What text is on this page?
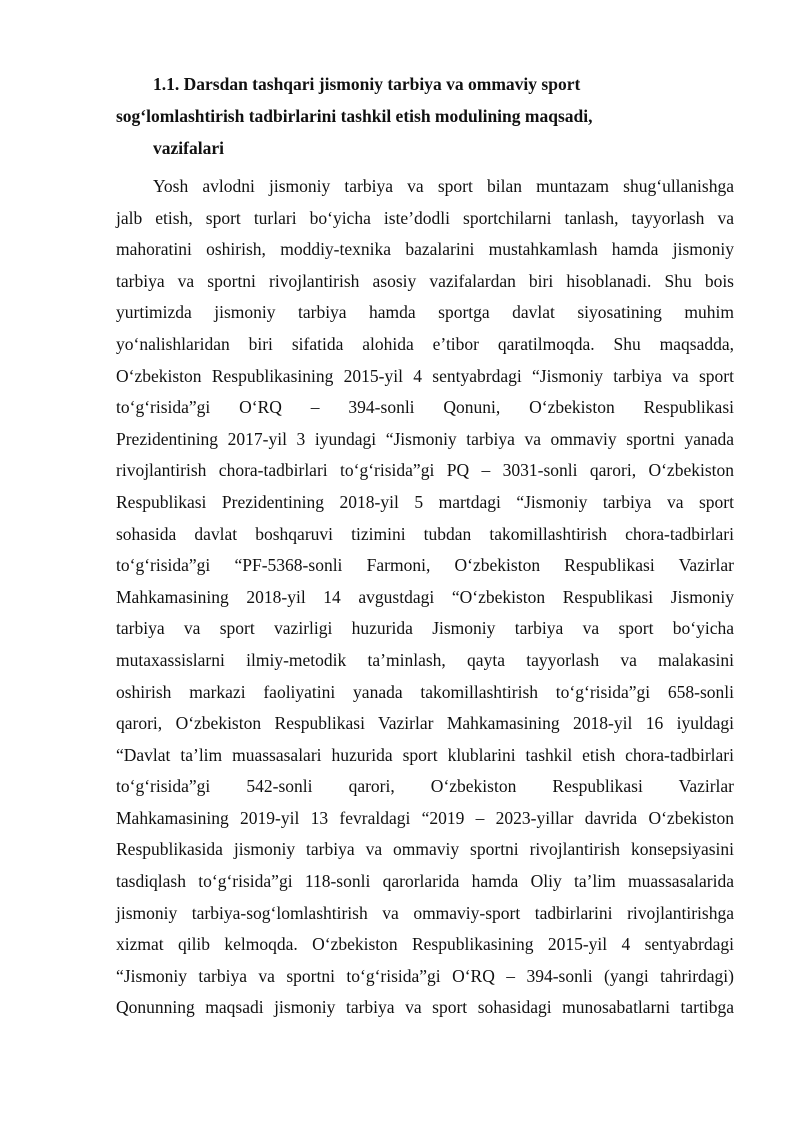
1.1. Darsdan tashqari jismoniy tarbiya va ommaviy sport
sog‘lomlashtirish tadbirlarini tashkil etish modulining maqsadi,
vazifalari
Yosh avlodni jismoniy tarbiya va sport bilan muntazam shug‘ullanishga
jalb etish, sport turlari bo‘yicha iste’dodli sportchilarni tanlash, tayyorlash va
mahoratini oshirish, moddiy-texnika bazalarini mustahkamlash hamda jismoniy
tarbiya va sportni rivojlantirish asosiy vazifalardan biri hisoblanadi. Shu bois
yurtimizda jismoniy tarbiya hamda sportga davlat siyosatining muhim
yo‘nalishlaridan biri sifatida alohida e’tibor qaratilmoqda. Shu maqsadda,
O‘zbekiston Respublikasining 2015-yil 4 sentyabrdagi “Jismoniy tarbiya va sport
to‘g‘risida”gi O‘RQ – 394-sonli Qonuni, O‘zbekiston Respublikasi
Prezidentining 2017-yil 3 iyundagi “Jismoniy tarbiya va ommaviy sportni yanada
rivojlantirish chora-tadbirlari to‘g‘risida”gi PQ – 3031-sonli qarori, O‘zbekiston
Respublikasi Prezidentining 2018-yil 5 martdagi “Jismoniy tarbiya va sport
sohasida davlat boshqaruvi tizimini tubdan takomillashtirish chora-tadbirlari
to‘g‘risida”gi “PF-5368-sonli Farmoni, O‘zbekiston Respublikasi Vazirlar
Mahkamasining 2018-yil 14 avgustdagi “O‘zbekiston Respublikasi Jismoniy
tarbiya va sport vazirligi huzurida Jismoniy tarbiya va sport bo‘yicha
mutaxassislarni ilmiy-metodik ta’minlash, qayta tayyorlash va malakasini
oshirish markazi faoliyatini yanada takomillashtirish to‘g‘risida”gi 658-sonli
qarori, O‘zbekiston Respublikasi Vazirlar Mahkamasining 2018-yil 16 iyuldagi
“Davlat ta’lim muassasalari huzurida sport klublarini tashkil etish chora-tadbirlari
to‘g‘risida”gi 542-sonli qarori, O‘zbekiston Respublikasi Vazirlar
Mahkamasining 2019-yil 13 fevraldagi “2019 – 2023-yillar davrida O‘zbekiston
Respublikasida jismoniy tarbiya va ommaviy sportni rivojlantirish konsepsiyasini
tasdiqlash to‘g‘risida”gi 118-sonli qarorlarida hamda Oliy ta’lim muassasalarida
jismoniy tarbiya-sog‘lomlashtirish va ommaviy-sport tadbirlarini rivojlantirishga
xizmat qilib kelmoqda. O‘zbekiston Respublikasining 2015-yil 4 sentyabrdagi
“Jismoniy tarbiya va sportni to‘g‘risida”gi O‘RQ – 394-sonli (yangi tahrirdagi)
Qonunning maqsadi jismoniy tarbiya va sport sohasidagi munosabatlarni tartibga
